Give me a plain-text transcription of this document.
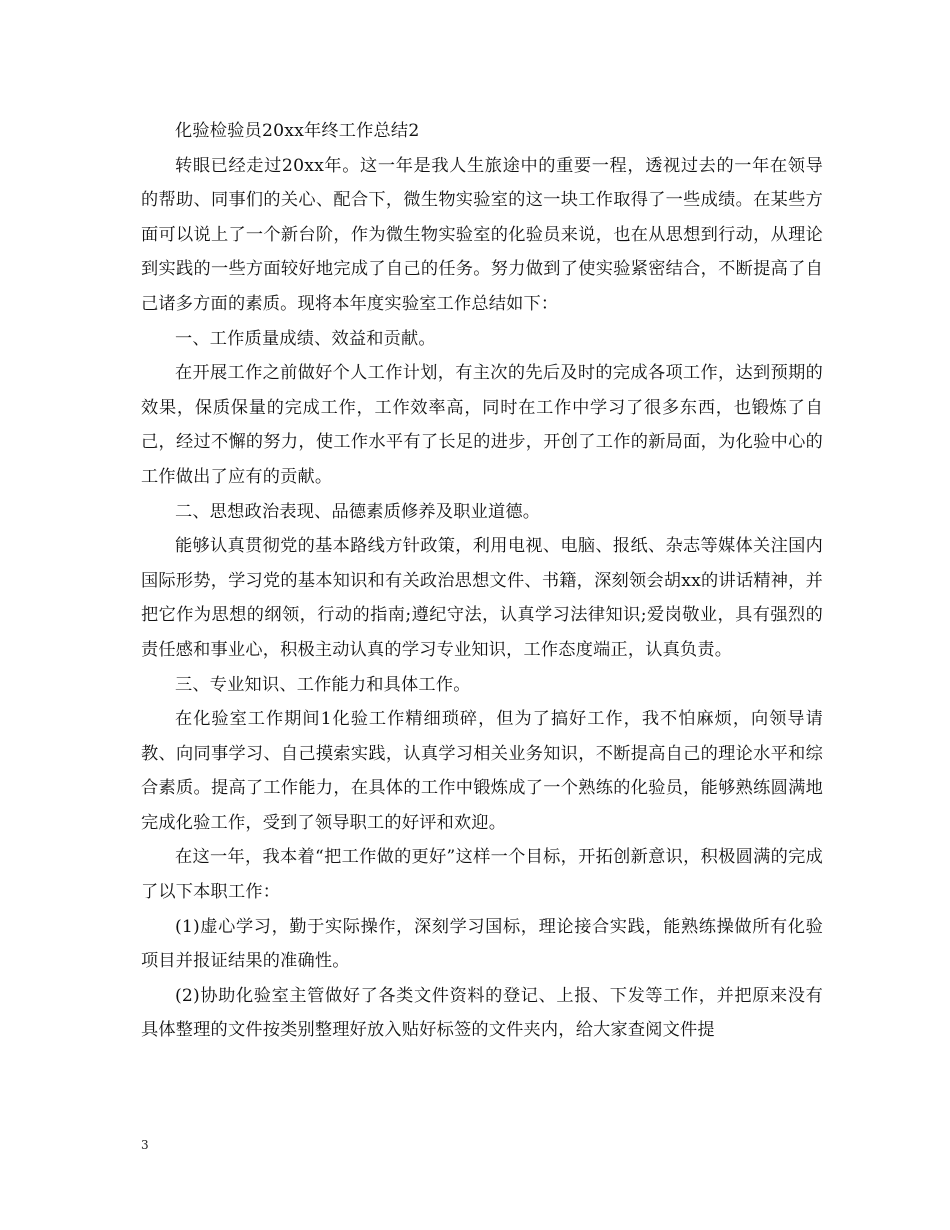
化验检验员20xx年终工作总结2

转眼已经走过20xx年。这一年是我人生旅途中的重要一程，透视过去的一年在领导的帮助、同事们的关心、配合下，微生物实验室的这一块工作取得了一些成绩。在某些方面可以说上了一个新台阶，作为微生物实验室的化验员来说，也在从思想到行动，从理论到实践的一些方面较好地完成了自己的任务。努力做到了使实验紧密结合，不断提高了自己诸多方面的素质。现将本年度实验室工作总结如下：

一、工作质量成绩、效益和贡献。

在开展工作之前做好个人工作计划，有主次的先后及时的完成各项工作，达到预期的效果，保质保量的完成工作，工作效率高，同时在工作中学习了很多东西，也锻炼了自己，经过不懈的努力，使工作水平有了长足的进步，开创了工作的新局面，为化验中心的工作做出了应有的贡献。

二、思想政治表现、品德素质修养及职业道德。

能够认真贯彻党的基本路线方针政策，利用电视、电脑、报纸、杂志等媒体关注国内国际形势，学习党的基本知识和有关政治思想文件、书籍，深刻领会胡xx的讲话精神，并把它作为思想的纲领，行动的指南;遵纪守法，认真学习法律知识;爱岗敬业，具有强烈的责任感和事业心，积极主动认真的学习专业知识，工作态度端正，认真负责。

三、专业知识、工作能力和具体工作。

在化验室工作期间1化验工作精细琐碎，但为了搞好工作，我不怕麻烦，向领导请教、向同事学习、自己摸索实践，认真学习相关业务知识，不断提高自己的理论水平和综合素质。提高了工作能力，在具体的工作中锻炼成了一个熟练的化验员，能够熟练圆满地完成化验工作，受到了领导职工的好评和欢迎。

在这一年，我本着“把工作做的更好”这样一个目标，开拓创新意识，积极圆满的完成了以下本职工作：

(1)虚心学习，勤于实际操作，深刻学习国标，理论接合实践，能熟练操做所有化验项目并报证结果的准确性。

(2)协助化验室主管做好了各类文件资料的登记、上报、下发等工作，并把原来没有具体整理的文件按类别整理好放入贴好标签的文件夹内，给大家查阅文件提

3
